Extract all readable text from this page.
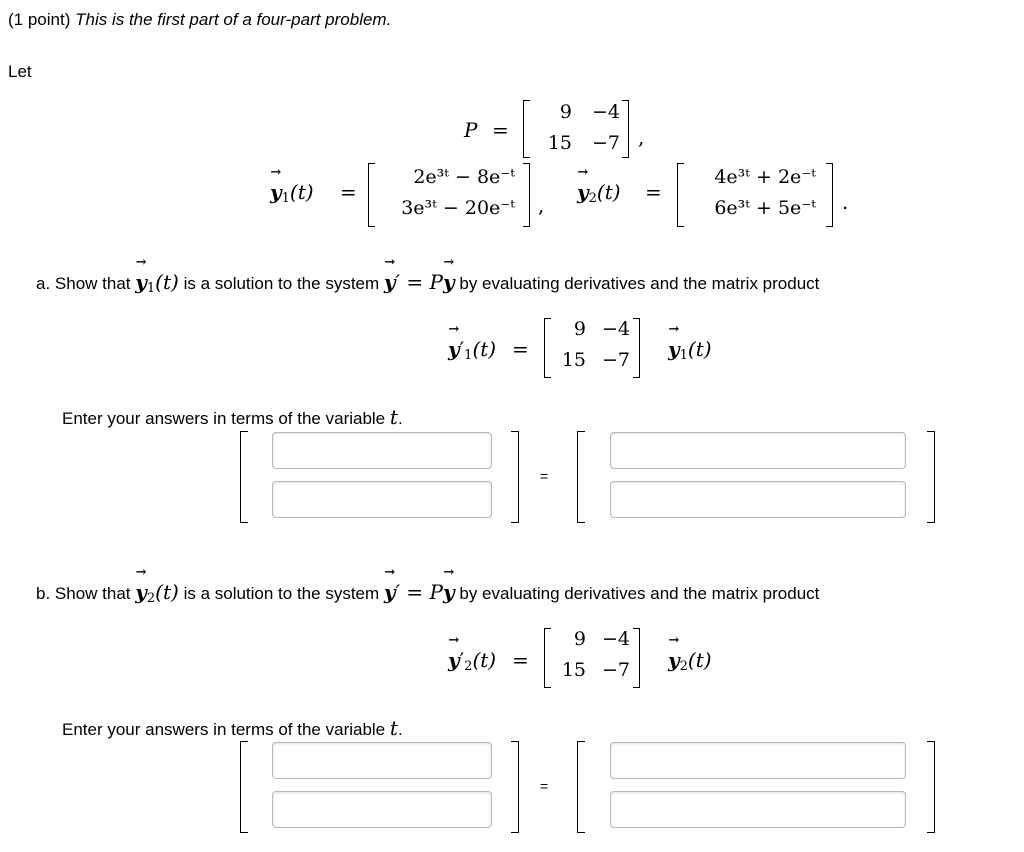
(1 point) This is the first part of a four-part problem.
Let
P =
9	−4
15	−7 ,
→ $y_1(t)$ =
2e³ᵗ − 8e⁻ᵗ
3e³ᵗ − 20e⁻ᵗ ,
→ $y_2(t)$ =
4e³ᵗ + 2e⁻ᵗ
6e³ᵗ + 5e⁻ᵗ .
a. Show that → $y_1(t)$ is a solution to the system → y′ = P→ y by evaluating derivatives and the matrix product
→ $y'_1(t)$ =
9 −4
15 −7
→ $y_1(t)$
Enter your answers in terms of the variable t.
=
b. Show that → $y_2(t)$ is a solution to the system → y′ = P→ y by evaluating derivatives and the matrix product
→ $y'_2(t)$ =
9 −4
15 −7
→ $y_2(t)$
Enter your answers in terms of the variable t.
=
